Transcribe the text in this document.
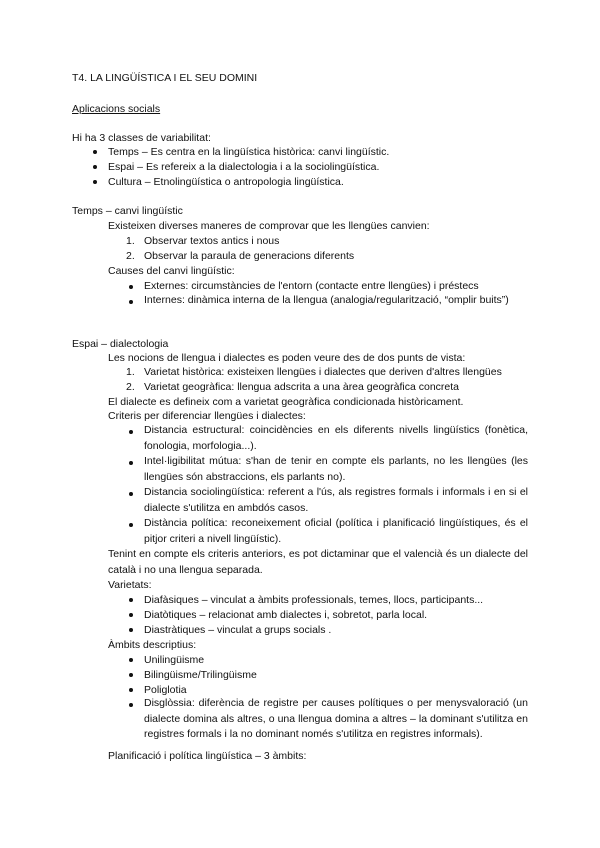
T4. LA LINGÜÍSTICA I EL SEU DOMINI
Aplicacions socials
Hi ha 3 classes de variabilitat:
Temps – Es centra en la lingüística històrica: canvi lingüístic.
Espai – Es refereix a la dialectologia i a la sociolingüística.
Cultura – Etnolingüística o antropologia lingüística.
Temps – canvi lingüístic
Existeixen diverses maneres de comprovar que les llengües canvien:
1. Observar textos antics i nous
2. Observar la paraula de generacions diferents
Causes del canvi lingüístic:
Externes: circumstàncies de l'entorn (contacte entre llengües) i préstecs
Internes: dinàmica interna de la llengua (analogia/regularització, “omplir buits”)
Espai – dialectologia
Les nocions de llengua i dialectes es poden veure des de dos punts de vista:
1. Varietat històrica: existeixen llengües i dialectes que deriven d'altres llengües
2. Varietat geogràfica: llengua adscrita a una àrea geogràfica concreta
El dialecte es defineix com a varietat geogràfica condicionada històricament.
Criteris per diferenciar llengües i dialectes:
Distancia estructural: coincidències en els diferents nivells lingüístics (fonètica, fonologia, morfologia...).
Intel·ligibilitat mútua: s'han de tenir en compte els parlants, no les llengües (les llengües són abstraccions, els parlants no).
Distancia sociolingüística: referent a l'ús, als registres formals i informals i en si el dialecte s'utilitza en ambdós casos.
Distància política: reconeixement oficial (política i planificació lingüístiques, és el pitjor criteri a nivell lingüístic).
Tenint en compte els criteris anteriors, es pot dictaminar que el valencià és un dialecte del català i no una llengua separada.
Varietats:
Diafàsiques – vinculat a àmbits professionals, temes, llocs, participants...
Diatòtiques – relacionat amb dialectes i, sobretot, parla local.
Diastràtiques – vinculat a grups socials .
Àmbits descriptius:
Unilingüisme
Bilingüisme/Trilingüisme
Poliglotia
Disglòssia: diferència de registre per causes polítiques o per menysvaloració (un dialecte domina als altres, o una llengua domina a altres – la dominant s'utilitza en registres formals i la no dominant només s'utilitza en registres informals).
Planificació i política lingüística – 3 àmbits:
